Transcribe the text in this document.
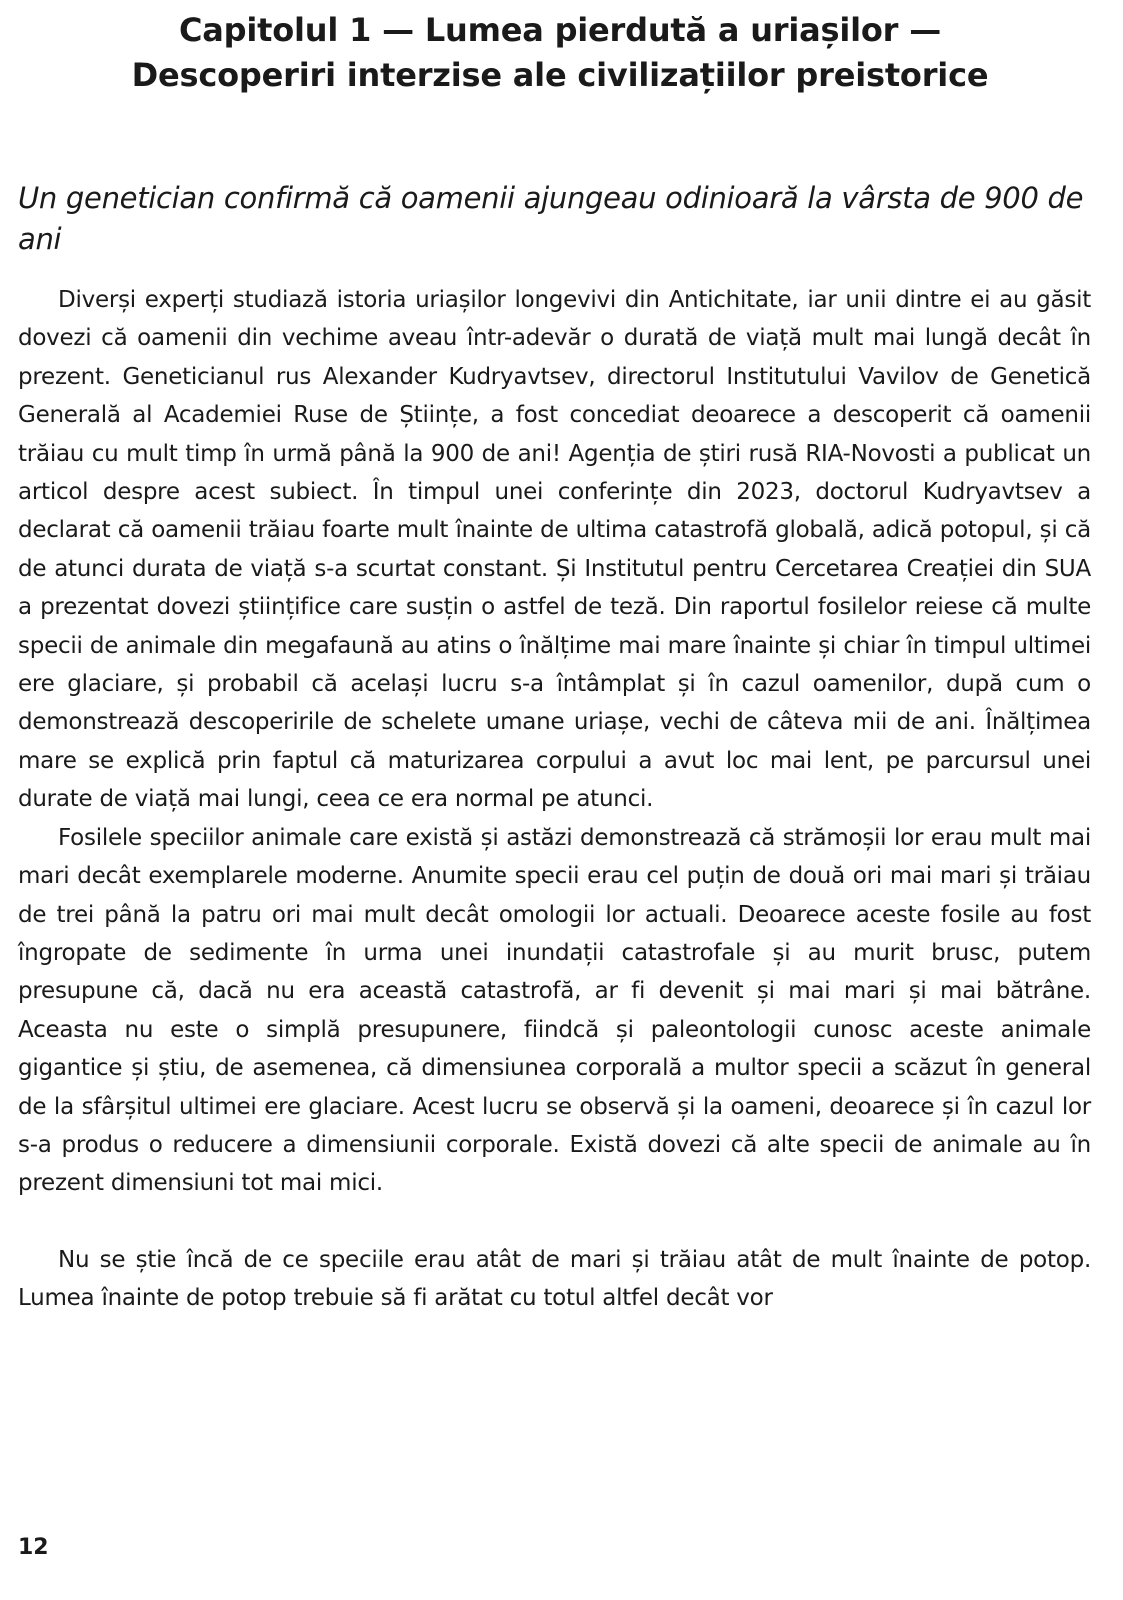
Capitolul 1 — Lumea pierdută a uriașilor —
Descoperiri interzise ale civilizațiilor preistorice
Un genetician confirmă că oamenii ajungeau odinioară la vârsta de 900 de ani

Diverși experți studiază istoria uriașilor longevivi din Antichitate, iar unii dintre ei au găsit dovezi că oamenii din vechime aveau într-adevăr o durată de viață mult mai lungă decât în prezent. Geneticianul rus Alexander Kudryavtsev, directorul Institutului Vavilov de Genetică Generală al Academiei Ruse de Științe, a fost concediat deoarece a descoperit că oamenii trăiau cu mult timp în urmă până la 900 de ani! Agenția de știri rusă RIA-Novosti a publicat un articol despre acest subiect. În timpul unei conferințe din 2023, doctorul Kudryavtsev a declarat că oamenii trăiau foarte mult înainte de ultima catastrofă globală, adică potopul, și că de atunci durata de viață s-a scurtat constant. Și Institutul pentru Cercetarea Creației din SUA a prezentat dovezi științifice care susțin o astfel de teză. Din raportul fosilelor reiese că multe specii de animale din megafaună au atins o înălțime mai mare înainte și chiar în timpul ultimei ere glaciare, și probabil că același lucru s-a întâmplat și în cazul oamenilor, după cum o demonstrează descoperirile de schelete umane uriașe, vechi de câteva mii de ani. Înălțimea mare se explică prin faptul că maturizarea corpului a avut loc mai lent, pe parcursul unei durate de viață mai lungi, ceea ce era normal pe atunci.

Fosilele speciilor animale care există și astăzi demonstrează că strămoșii lor erau mult mai mari decât exemplarele moderne. Anumite specii erau cel puțin de două ori mai mari și trăiau de trei până la patru ori mai mult decât omologii lor actuali. Deoarece aceste fosile au fost îngropate de sedimente în urma unei inundații catastrofale și au murit brusc, putem presupune că, dacă nu era această catastrofă, ar fi devenit și mai mari și mai bătrâne. Aceasta nu este o simplă presupunere, fiindcă și paleontologii cunosc aceste animale gigantice și știu, de asemenea, că dimensiunea corporală a multor specii a scăzut în general de la sfârșitul ultimei ere glaciare. Acest lucru se observă și la oameni, deoarece și în cazul lor s-a produs o reducere a dimensiunii corporale. Există dovezi că alte specii de animale au în prezent dimensiuni tot mai mici.

Nu se știe încă de ce speciile erau atât de mari și trăiau atât de mult înainte de potop. Lumea înainte de potop trebuie să fi arătat cu totul altfel decât vor

12
